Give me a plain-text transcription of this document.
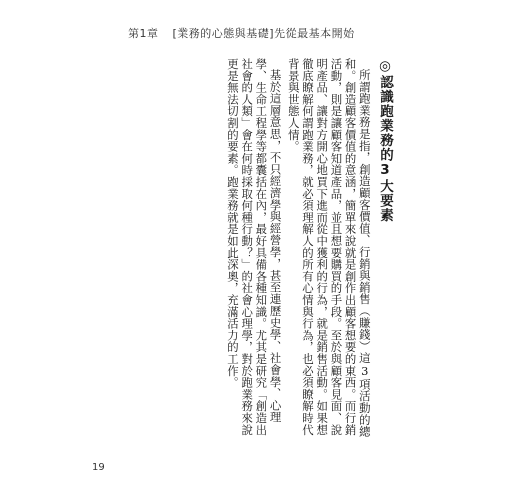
第1章 [業務的心態與基礎]先從最基本開始
◎認識跑業務的3大要素

所謂跑業務是指，創造顧客價值、行銷與銷售（賺錢）這3項活動的總和。創造顧客價值的意涵，簡單來說就是創作出顧客想要的東西。而行銷活動，則是讓顧客知道產品，並且想要購買的手段。至於與顧客見面、說明產品、讓對方開心地買下進而從中獲利的行為，就是銷售活動。如果想徹底瞭解何謂跑業務，就必須理解人的所有心情與行為，也必須瞭解時代背景與世態人情。

基於這層意思，不只經濟學與經營學，甚至連歷史學、社會學、心理學、生命工程學等都囊括在內，最好具備各種知識。尤其是研究「創造出社會的人類」會在何時採取何種行動？」的社會心理學，對於跑業務來說更是無法切割的要素。跑業務就是如此深奧，充滿活力的工作。

19
